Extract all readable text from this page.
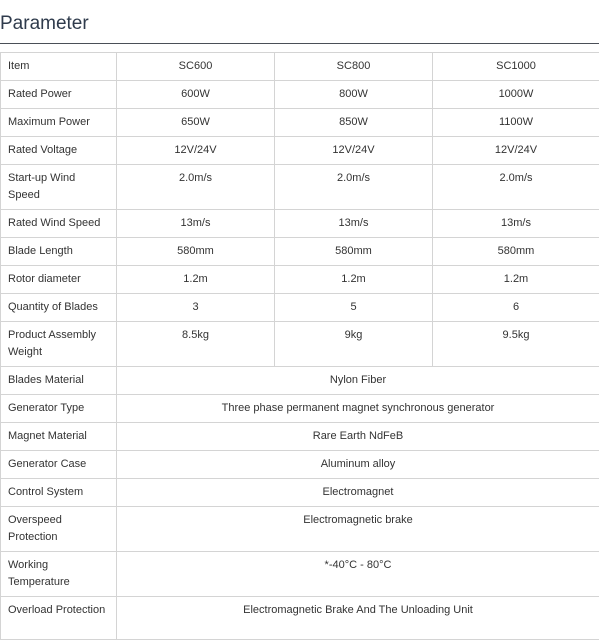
Parameter
Item	SC600	SC800	SC1000
Rated Power	600W	800W	1000W
Maximum Power	650W	850W	1100W
Rated Voltage	12V/24V	12V/24V	12V/24V
Start-up Wind Speed	2.0m/s	2.0m/s	2.0m/s
Rated Wind Speed	13m/s	13m/s	13m/s
Blade Length	580mm	580mm	580mm
Rotor diameter	1.2m	1.2m	1.2m
Quantity of Blades	3	5	6
Product Assembly Weight	8.5kg	9kg	9.5kg
Blades Material	Nylon Fiber		
Generator Type	Three phase permanent magnet synchronous generator		
Magnet Material	Rare Earth NdFeB		
Generator Case	Aluminum alloy		
Control System	Electromagnet		
Overspeed Protection	Electromagnetic brake		
Working Temperature	*-40°C - 80°C		
Overload Protection	Electromagnetic Brake And The Unloading Unit		
